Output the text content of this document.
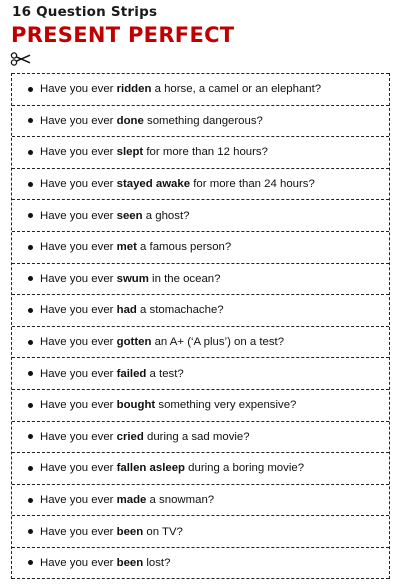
16 Question Strips
PRESENT PERFECT
Have you ever ridden a horse, a camel or an elephant?
Have you ever done something dangerous?
Have you ever slept for more than 12 hours?
Have you ever stayed awake for more than 24 hours?
Have you ever seen a ghost?
Have you ever met a famous person?
Have you ever swum in the ocean?
Have you ever had a stomachache?
Have you ever gotten an A+ (‘A plus’) on a test?
Have you ever failed a test?
Have you ever bought something very expensive?
Have you ever cried during a sad movie?
Have you ever fallen asleep during a boring movie?
Have you ever made a snowman?
Have you ever been on TV?
Have you ever been lost?
